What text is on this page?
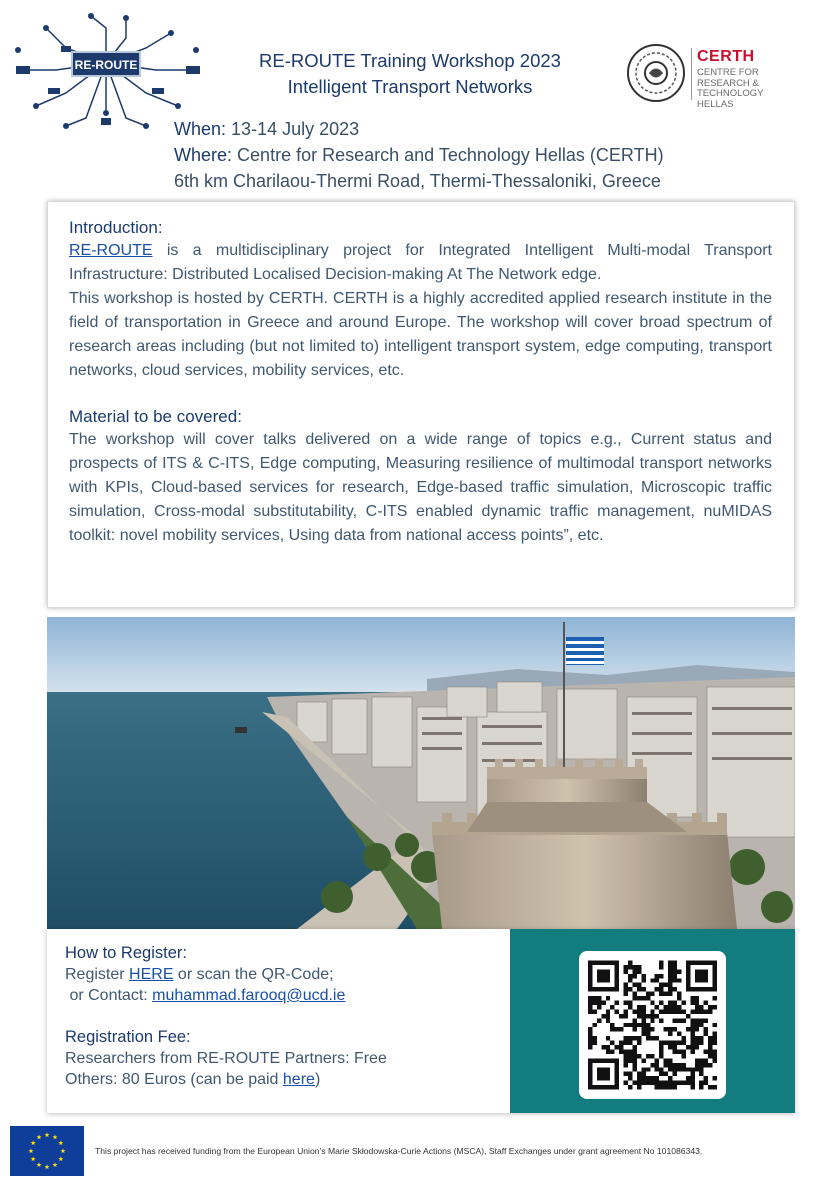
RE-ROUTE	RE-ROUTE Training Workshop 2023
Intelligent Transport Networks
CERTH
CENTRE FOR
RESEARCH & TECHNOLOGY
HELLAS
When: 13-14 July 2023
Where: Centre for Research and Technology Hellas (CERTH)
6th km Charilaou-Thermi Road, Thermi-Thessaloniki, Greece
Introduction:

RE-ROUTE is a multidisciplinary project for Integrated Intelligent Multi-modal Transport Infrastructure: Distributed Localised Decision-making At The Network edge.

This workshop is hosted by CERTH. CERTH is a highly accredited applied research institute in the field of transportation in Greece and around Europe. The workshop will cover broad spectrum of research areas including (but not limited to) intelligent transport system, edge computing, transport networks, cloud services, mobility services, etc.

Material to be covered:

The workshop will cover talks delivered on a wide range of topics e.g., Current status and prospects of ITS & C-ITS, Edge computing, Measuring resilience of multimodal transport networks with KPIs, Cloud-based services for research, Edge-based traffic simulation, Microscopic traffic simulation, Cross-modal substitutability, C-ITS enabled dynamic traffic management, nuMIDAS toolkit: novel mobility services, Using data from national access points”, etc.

How to Register:
Register HERE or scan the QR-Code;
or Contact: muhammad.farooq@ucd.ie
Registration Fee:
Researchers from RE-ROUTE Partners: Free
Others: 80 Euros (can be paid here)
This project has received funding from the European Union’s Marie Skłodowska-Curie Actions (MSCA), Staff Exchanges under grant agreement No 101086343.
